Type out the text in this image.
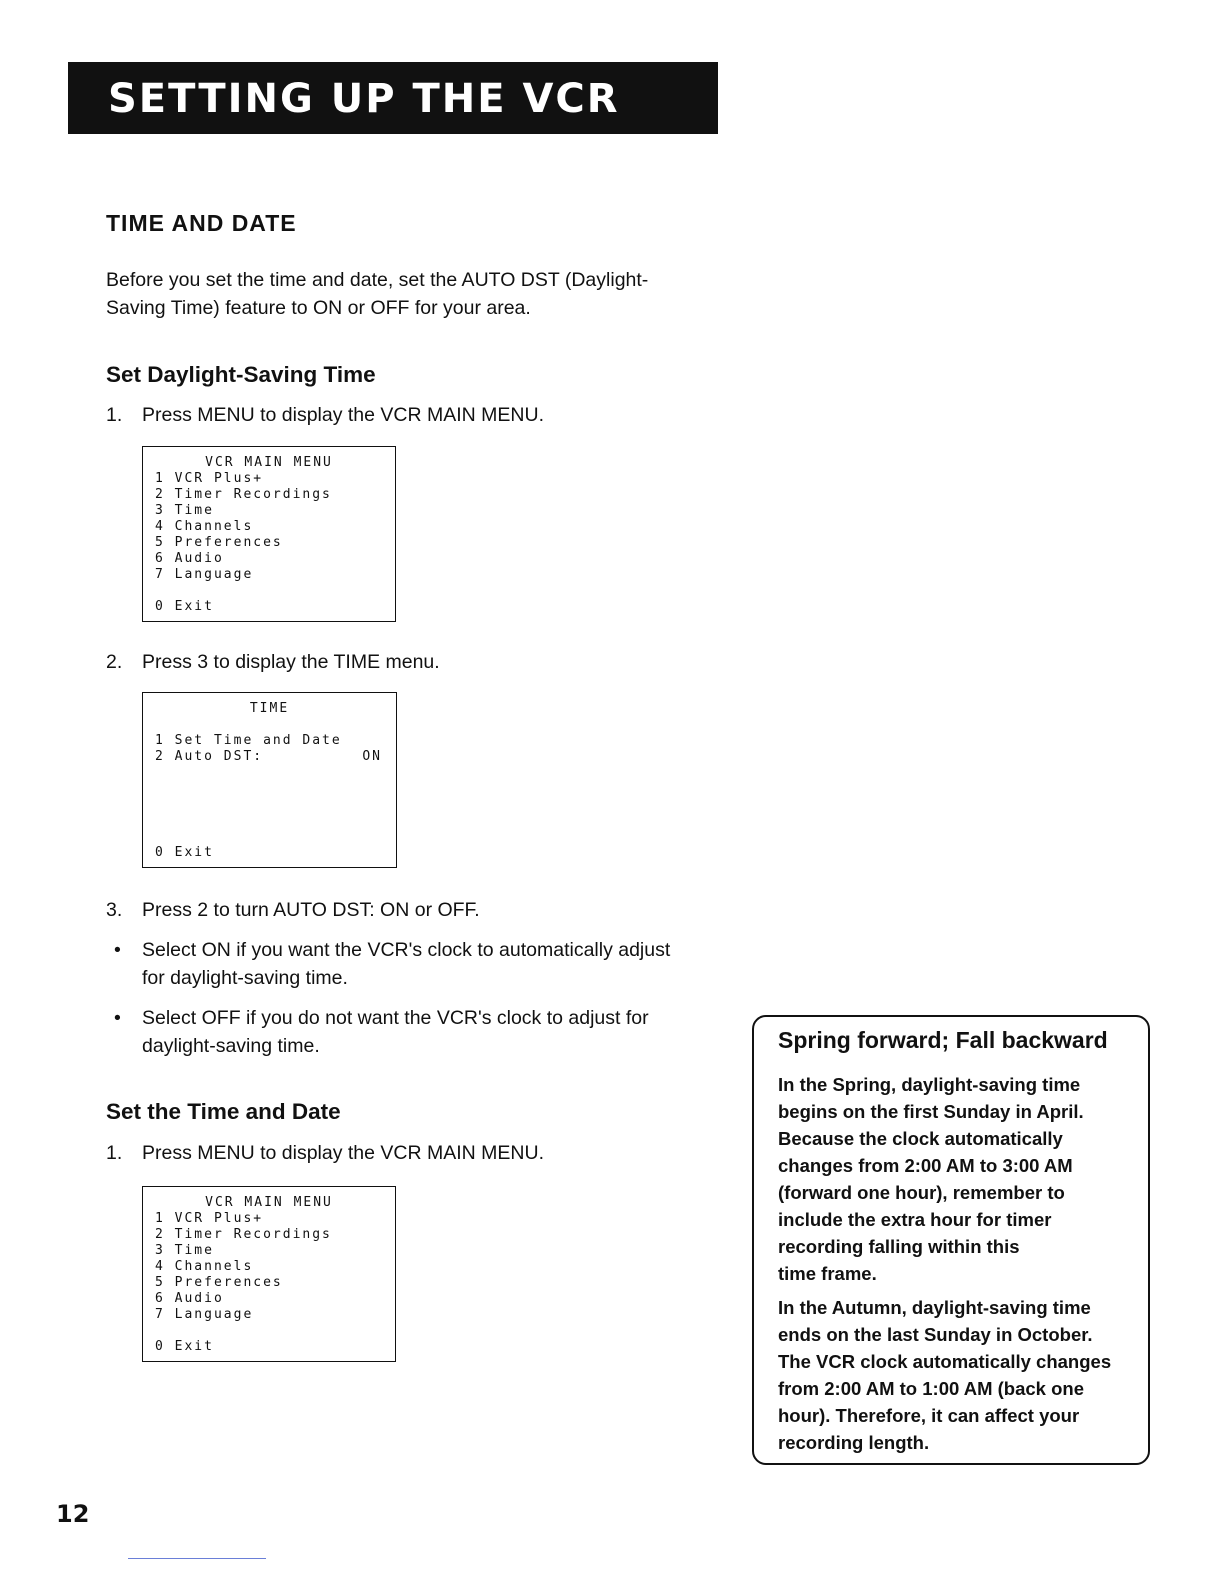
SETTING UP THE VCR
TIME AND DATE

Before you set the time and date, set the AUTO DST (Daylight-
Saving Time) feature to ON or OFF for your area.

Set Daylight-Saving Time
1. Press MENU to display the VCR MAIN MENU.
VCR MAIN MENU
1 VCR Plus+
2 Timer Recordings
3 Time
4 Channels
5 Preferences
6 Audio
7 Language
0 Exit
2. Press 3 to display the TIME menu.
TIME
1 Set Time and Date
2 Auto DST:	ON
0 Exit
3. Press 2 to turn AUTO DST: ON or OFF.
• Select ON if you want the VCR's clock to automatically adjust
for daylight-saving time.
• Select OFF if you do not want the VCR's clock to adjust for
daylight-saving time.
Set the Time and Date
1. Press MENU to display the VCR MAIN MENU.
VCR MAIN MENU
1 VCR Plus+
2 Timer Recordings
3 Time
4 Channels
5 Preferences
6 Audio
7 Language
0 Exit
Spring forward; Fall backward

In the Spring, daylight-saving time
begins on the first Sunday in April.
Because the clock automatically
changes from 2:00 AM to 3:00 AM
(forward one hour), remember to
include the extra hour for timer
recording falling within this
time frame.

In the Autumn, daylight-saving time
ends on the last Sunday in October.
The VCR clock automatically changes
from 2:00 AM to 1:00 AM (back one
hour). Therefore, it can affect your
recording length.

12
